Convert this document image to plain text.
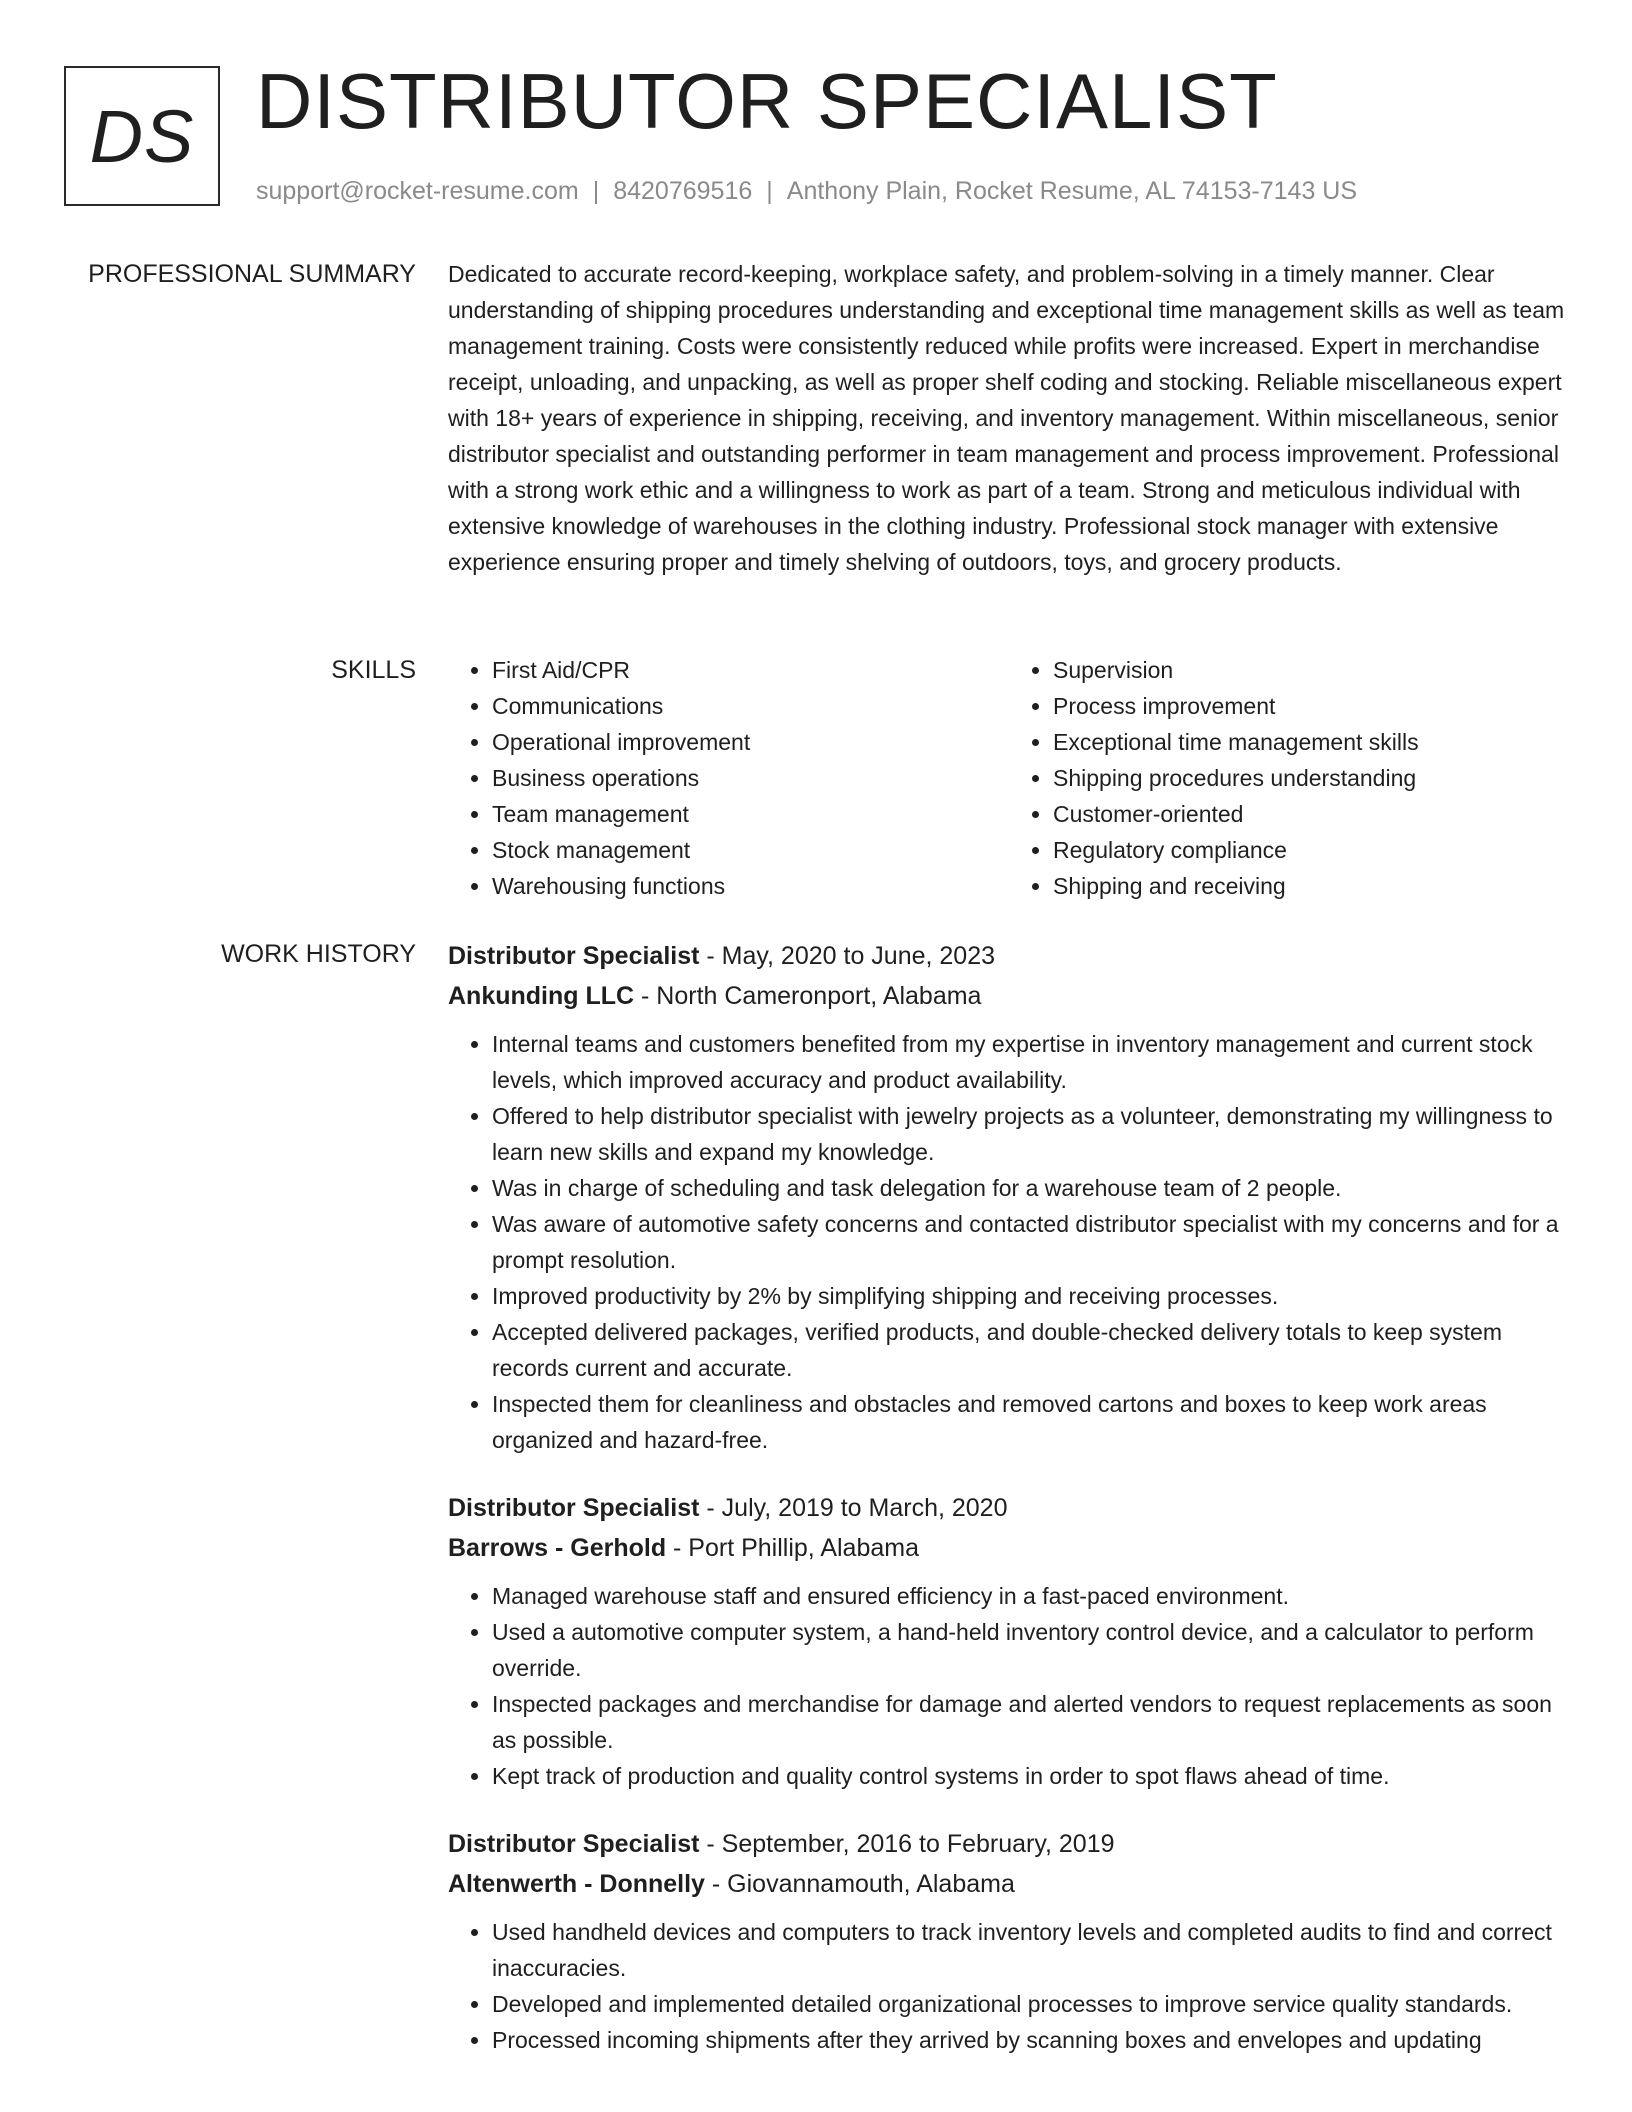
DS DISTRIBUTOR SPECIALIST
support@rocket-resume.com | 8420769516 | Anthony Plain, Rocket Resume, AL 74153-7143 US
PROFESSIONAL SUMMARY Dedicated to accurate record-keeping, workplace safety, and problem-solving in a timely manner. Clear understanding of shipping procedures understanding and exceptional time management skills as well as team management training. Costs were consistently reduced while profits were increased. Expert in merchandise receipt, unloading, and unpacking, as well as proper shelf coding and stocking. Reliable miscellaneous expert with 18+ years of experience in shipping, receiving, and inventory management. Within miscellaneous, senior distributor specialist and outstanding performer in team management and process improvement. Professional with a strong work ethic and a willingness to work as part of a team. Strong and meticulous individual with extensive knowledge of warehouses in the clothing industry. Professional stock manager with extensive experience ensuring proper and timely shelving of outdoors, toys, and grocery products.

SKILLS
•	First Aid/CPR
• Communications
• Operational improvement
• Business operations
• Team management
• Stock management
• Warehousing functions
• Supervision
• Process improvement
• Exceptional time management skills
• Shipping procedures understanding
• Customer-oriented
• Regulatory compliance
• Shipping and receiving
WORK HISTORY Distributor Specialist - May, 2020 to June, 2023
Ankunding LLC - North Cameronport, Alabama
• Internal teams and customers benefited from my expertise in inventory management and current stock levels, which improved accuracy and product availability.
• Offered to help distributor specialist with jewelry projects as a volunteer, demonstrating my willingness to learn new skills and expand my knowledge.
• Was in charge of scheduling and task delegation for a warehouse team of 2 people.
• Was aware of automotive safety concerns and contacted distributor specialist with my concerns and for a prompt resolution.
• Improved productivity by 2% by simplifying shipping and receiving processes.
• Accepted delivered packages, verified products, and double-checked delivery totals to keep system records current and accurate.
• Inspected them for cleanliness and obstacles and removed cartons and boxes to keep work areas organized and hazard-free.
Distributor Specialist - July, 2019 to March, 2020
Barrows - Gerhold - Port Phillip, Alabama
• Managed warehouse staff and ensured efficiency in a fast-paced environment.
• Used a automotive computer system, a hand-held inventory control device, and a calculator to perform override.
• Inspected packages and merchandise for damage and alerted vendors to request replacements as soon as possible.
• Kept track of production and quality control systems in order to spot flaws ahead of time.
Distributor Specialist - September, 2016 to February, 2019
Altenwerth - Donnelly - Giovannamouth, Alabama
• Used handheld devices and computers to track inventory levels and completed audits to find and correct inaccuracies.
• Developed and implemented detailed organizational processes to improve service quality standards.
• Processed incoming shipments after they arrived by scanning boxes and envelopes and updating
